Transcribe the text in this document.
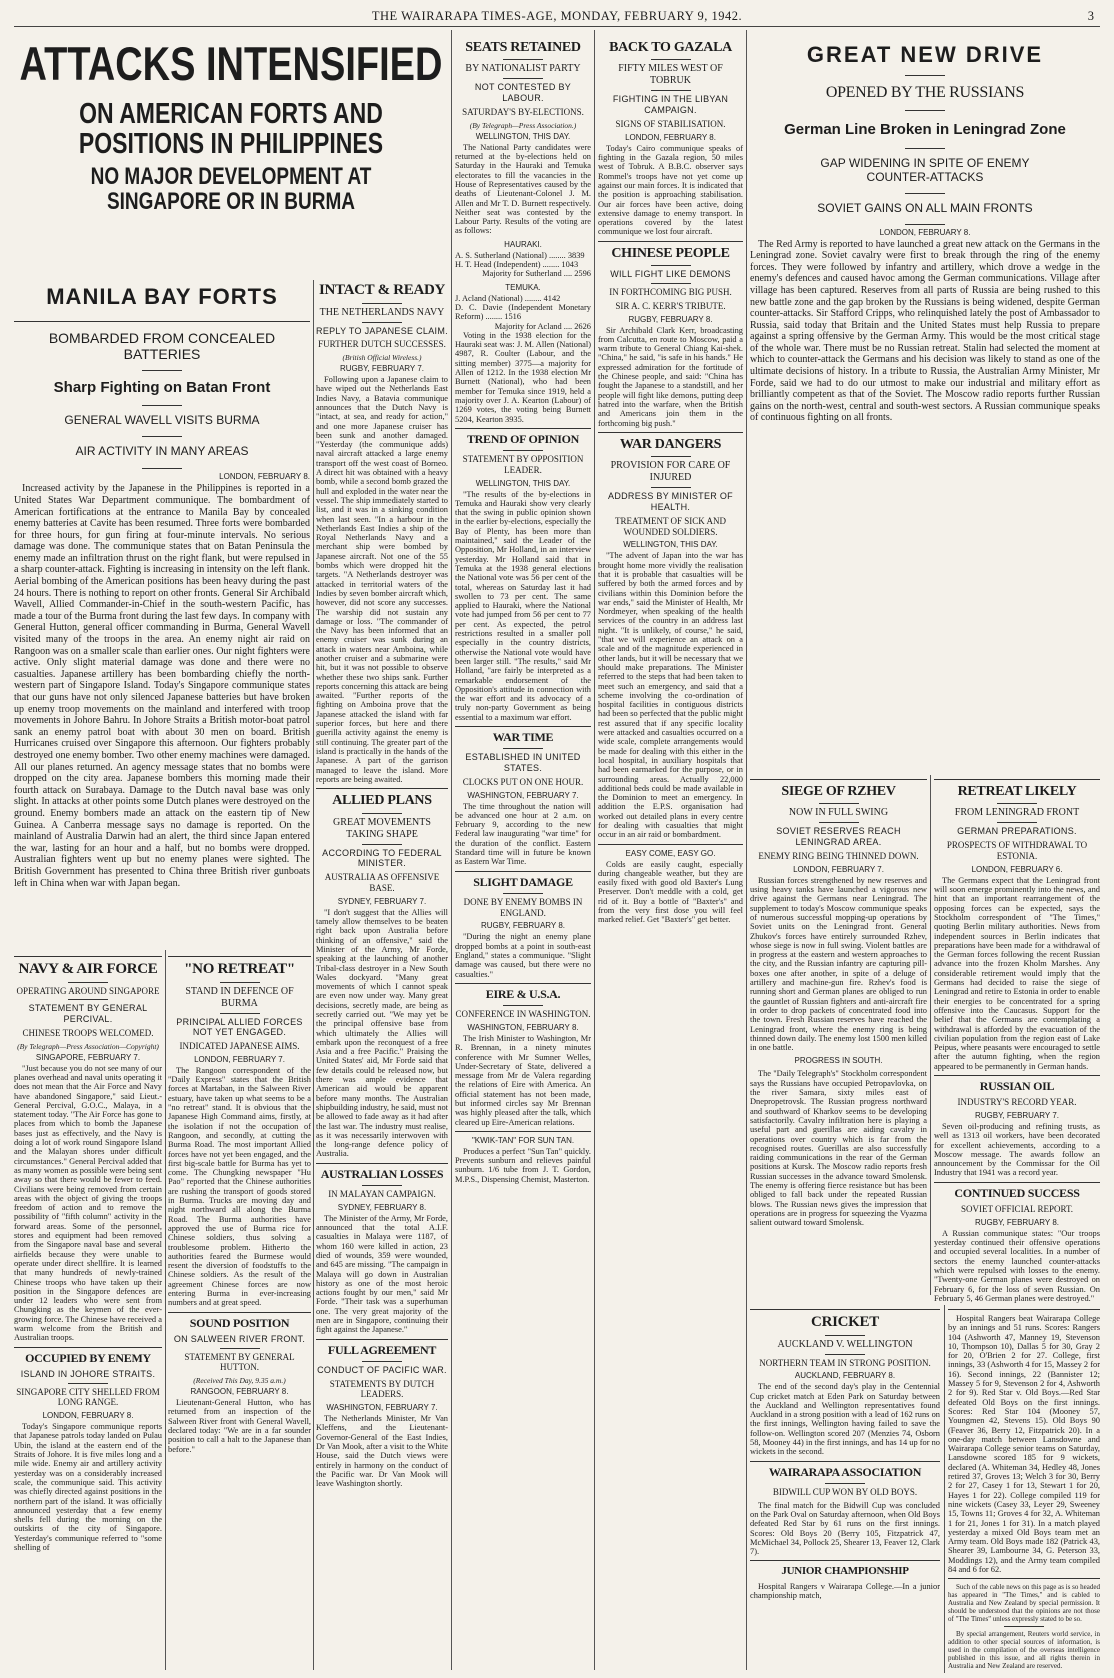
THE WAIRARAPA TIMES-AGE, MONDAY, FEBRUARY 9, 1942.	3
ATTACKS INTENSIFIED
ON AMERICAN FORTS AND POSITIONS IN PHILIPPINES
NO MAJOR DEVELOPMENT AT SINGAPORE OR IN BURMA
MANILA BAY FORTS
BOMBARDED FROM CONCEALED BATTERIES
Sharp Fighting on Batan Front
GENERAL WAVELL VISITS BURMA
AIR ACTIVITY IN MANY AREAS
LONDON, FEBRUARY 8.

Increased activity by the Japanese in the Philippines is reported in a United States War Department communique. The bombardment of American fortifications at the entrance to Manila Bay by concealed enemy batteries at Cavite has been resumed. Three forts were bombarded for three hours, for gun firing at four-minute intervals. No serious damage was done. The communique states that on Batan Peninsula the enemy made an infiltration thrust on the right flank, but were repulsed in a sharp counter-attack. Fighting is increasing in intensity on the left flank. Aerial bombing of the American positions has been heavy during the past 24 hours. There is nothing to report on other fronts. General Sir Archibald Wavell, Allied Commander-in-Chief in the south-western Pacific, has made a tour of the Burma front during the last few days. In company with General Hutton, general officer commanding in Burma, General Wavell visited many of the troops in the area. An enemy night air raid on Rangoon was on a smaller scale than earlier ones. Our night fighters were active. Only slight material damage was done and there were no casualties. Japanese artillery has been bombarding chiefly the north-western part of Singapore Island. Today's Singapore communique states that our guns have not only silenced Japanese batteries but have broken up enemy troop movements on the mainland and interfered with troop movements in Johore Bahru. In Johore Straits a British motor-boat patrol sank an enemy patrol boat with about 30 men on board. British Hurricanes cruised over Singapore this afternoon. Our fighters probably destroyed one enemy bomber. Two other enemy machines were damaged. All our planes returned. An agency message states that no bombs were dropped on the city area. Japanese bombers this morning made their fourth attack on Surabaya. Damage to the Dutch naval base was only slight. In attacks at other points some Dutch planes were destroyed on the ground. Enemy bombers made an attack on the eastern tip of New Guinea. A Canberra message says no damage is reported. On the mainland of Australia Darwin had an alert, the third since Japan entered the war, lasting for an hour and a half, but no bombs were dropped. Australian fighters went up but no enemy planes were sighted. The British Government has presented to China three British river gunboats left in China when war with Japan began.

NAVY & AIR FORCE
OPERATING AROUND SINGAPORE
STATEMENT BY GENERAL PERCIVAL.
CHINESE TROOPS WELCOMED.
(By Telegraph—Press Association—Copyright)
SINGAPORE, FEBRUARY 7.

"Just because you do not see many of our planes overhead and naval units operating it does not mean that the Air Force and Navy have abandoned Singapore," said Lieut.-General Percival, G.O.C., Malaya, in a statement today. "The Air Force has gone to places from which to bomb the Japanese bases just as effectively, and the Navy is doing a lot of work round Singapore Island and the Malayan shores under difficult circumstances." General Percival added that as many women as possible were being sent away so that there would be fewer to feed. Civilians were being removed from certain areas with the object of giving the troops freedom of action and to remove the possibility of "fifth column" activity in the forward areas. Some of the personnel, stores and equipment had been removed from the Singapore naval base and several airfields because they were unable to operate under direct shellfire. It is learned that many hundreds of newly-trained Chinese troops who have taken up their position in the Singapore defences are under 12 leaders who were sent from Chungking as the keymen of the ever-growing force. The Chinese have received a warm welcome from the British and Australian troops.

OCCUPIED BY ENEMY
ISLAND IN JOHORE STRAITS.
SINGAPORE CITY SHELLED FROM LONG RANGE.
LONDON, FEBRUARY 8.

Today's Singapore communique reports that Japanese patrols today landed on Pulau Ubin, the island at the eastern end of the Straits of Johore. It is five miles long and a mile wide. Enemy air and artillery activity yesterday was on a considerably increased scale, the communique said. This activity was chiefly directed against positions in the northern part of the island. It was officially announced yesterday that a few enemy shells fell during the morning on the outskirts of the city of Singapore. Yesterday's communique referred to "some shelling of

"NO RETREAT"
STAND IN DEFENCE OF BURMA
PRINCIPAL ALLIED FORCES NOT YET ENGAGED.
INDICATED JAPANESE AIMS.
LONDON, FEBRUARY 7.

The Rangoon correspondent of the "Daily Express" states that the British forces at Martaban, in the Salween River estuary, have taken up what seems to be a "no retreat" stand. It is obvious that the Japanese High Command aims, firstly, at the isolation if not the occupation of Rangoon, and secondly, at cutting the Burma Road. The most important Allied forces have not yet been engaged, and the first big-scale battle for Burma has yet to come. The Chungking newspaper "Hu Pao" reported that the Chinese authorities are rushing the transport of goods stored in Burma. Trucks are moving day and night northward all along the Burma Road. The Burma authorities have approved the use of Burma rice for Chinese soldiers, thus solving a troublesome problem. Hitherto the authorities feared the Burmese would resent the diversion of foodstuffs to the Chinese soldiers. As the result of the agreement Chinese forces are now entering Burma in ever-increasing numbers and at great speed.

SOUND POSITION
ON SALWEEN RIVER FRONT.
STATEMENT BY GENERAL HUTTON.
(Received This Day, 9.35 a.m.)
RANGOON, FEBRUARY 8.

Lieutenant-General Hutton, who has returned from an inspection of the Salween River front with General Wavell, declared today: "We are in a far sounder position to call a halt to the Japanese than before."

INTACT & READY
THE NETHERLANDS NAVY
REPLY TO JAPANESE CLAIM.
FURTHER DUTCH SUCCESSES.
(British Official Wireless.)
RUGBY, FEBRUARY 7.

Following upon a Japanese claim to have wiped out the Netherlands East Indies Navy, a Batavia communique announces that the Dutch Navy is "intact, at sea, and ready for action," and one more Japanese cruiser has been sunk and another damaged. "Yesterday (the communique adds) naval aircraft attacked a large enemy transport off the west coast of Borneo. A direct hit was obtained with a heavy bomb, while a second bomb grazed the hull and exploded in the water near the vessel. The ship immediately started to list, and it was in a sinking condition when last seen. "In a harbour in the Netherlands East Indies a ship of the Royal Netherlands Navy and a merchant ship were bombed by Japanese aircraft. Not one of the 55 bombs which were dropped hit the targets. "A Netherlands destroyer was attacked in territorial waters of the Indies by seven bomber aircraft which, however, did not score any successes. The warship did not sustain any damage or loss. "The commander of the Navy has been informed that an enemy cruiser was sunk during an attack in waters near Amboina, while another cruiser and a submarine were hit, but it was not possible to observe whether these two ships sank. Further reports concerning this attack are being awaited. "Further reports of the fighting on Amboina prove that the Japanese attacked the island with far superior forces, but here and there guerilla activity against the enemy is still continuing. The greater part of the island is practically in the hands of the Japanese. A part of the garrison managed to leave the island. More reports are being awaited.

ALLIED PLANS
GREAT MOVEMENTS TAKING SHAPE
ACCORDING TO FEDERAL MINISTER.
AUSTRALIA AS OFFENSIVE BASE.
SYDNEY, FEBRUARY 7.

"I don't suggest that the Allies will tamely allow themselves to be beaten right back upon Australia before thinking of an offensive," said the Minister of the Army, Mr Forde, speaking at the launching of another Tribal-class destroyer in a New South Wales dockyard. "Many great movements of which I cannot speak are even now under way. Many great decisions, secretly made, are being as secretly carried out. "We may yet be the principal offensive base from which ultimately the Allies will embark upon the reconquest of a free Asia and a free Pacific." Praising the United States' aid, Mr Forde said that few details could be released now, but there was ample evidence that American aid would be apparent before many months. The Australian shipbuilding industry, he said, must not be allowed to fade away as it had after the last war. The industry must realise, as it was necessarily interwoven with the long-range defence policy of Australia.

AUSTRALIAN LOSSES
IN MALAYAN CAMPAIGN.
SYDNEY, FEBRUARY 8.

The Minister of the Army, Mr Forde, announced that the total A.I.F. casualties in Malaya were 1187, of whom 160 were killed in action, 23 died of wounds, 359 were wounded, and 645 are missing. "The campaign in Malaya will go down in Australian history as one of the most heroic actions fought by our men," said Mr Forde. "Their task was a superhuman one. The very great majority of the men are in Singapore, continuing their fight against the Japanese."

FULL AGREEMENT
CONDUCT OF PACIFIC WAR.
STATEMENTS BY DUTCH LEADERS.
WASHINGTON, FEBRUARY 7.

The Netherlands Minister, Mr Van Kleffens, and the Lieutenant-Governor-General of the East Indies, Dr Van Mook, after a visit to the White House, said the Dutch views were entirely in harmony on the conduct of the Pacific war. Dr Van Mook will leave Washington shortly.

SEATS RETAINED
BY NATIONALIST PARTY
NOT CONTESTED BY LABOUR.
SATURDAY'S BY-ELECTIONS.
(By Telegraph—Press Association.)
WELLINGTON, THIS DAY.

The National Party candidates were returned at the by-elections held on Saturday in the Hauraki and Temuka electorates to fill the vacancies in the House of Representatives caused by the deaths of Lieutenant-Colonel J. M. Allen and Mr T. D. Burnett respectively. Neither seat was contested by the Labour Party. Results of the voting are as follows:

HAURAKI.

A. S. Sutherland (National) ........ 3839

H. T. Head (Independent) ........ 1043

Majority for Sutherland .... 2596

TEMUKA.

J. Acland (National) ........ 4142

D. C. Davie (Independent Monetary Reform) ........ 1516

Majority for Acland .... 2626

Voting in the 1938 election for the Hauraki seat was: J. M. Allen (National) 4987, R. Coulter (Labour, and the sitting member) 3775—a majority for Allen of 1212. In the 1938 election Mr Burnett (National), who had been member for Temuka since 1919, held a majority over J. A. Kearton (Labour) of 1269 votes, the voting being Burnett 5204, Kearton 3935.

TREND OF OPINION
STATEMENT BY OPPOSITION LEADER.
WELLINGTON, THIS DAY.

"The results of the by-elections in Temuka and Hauraki show very clearly that the swing in public opinion shown in the earlier by-elections, especially the Bay of Plenty, has been more than maintained," said the Leader of the Opposition, Mr Holland, in an interview yesterday. Mr Holland said that in Temuka at the 1938 general elections the National vote was 56 per cent of the total, whereas on Saturday last it had swollen to 73 per cent. The same applied to Hauraki, where the National vote had jumped from 56 per cent to 77 per cent. As expected, the petrol restrictions resulted in a smaller poll especially in the country districts, otherwise the National vote would have been larger still. "The results," said Mr Holland, "are fairly be interpreted as a remarkable endorsement of the Opposition's attitude in connection with the war effort and its advocacy of a truly non-party Government as being essential to a maximum war effort.

WAR TIME
ESTABLISHED IN UNITED STATES.
CLOCKS PUT ON ONE HOUR.
WASHINGTON, FEBRUARY 7.

The time throughout the nation will be advanced one hour at 2 a.m. on February 9, according to the new Federal law inaugurating "war time" for the duration of the conflict. Eastern Standard time will in future be known as Eastern War Time.

SLIGHT DAMAGE
DONE BY ENEMY BOMBS IN ENGLAND.
RUGBY, FEBRUARY 8.

"During the night an enemy plane dropped bombs at a point in south-east England," states a communique. "Slight damage was caused, but there were no casualties."

EIRE & U.S.A.
CONFERENCE IN WASHINGTON.
WASHINGTON, FEBRUARY 8.

The Irish Minister to Washington, Mr R. Brennan, in a ninety minutes conference with Mr Sumner Welles, Under-Secretary of State, delivered a message from Mr de Valera regarding the relations of Eire with America. An official statement has not been made, but informed circles say Mr Brennan was highly pleased after the talk, which cleared up Eire-American relations.

"KWIK-TAN" FOR SUN TAN.

Produces a perfect "Sun Tan" quickly. Prevents sunburn and relieves painful sunburn. 1/6 tube from J. T. Gordon, M.P.S., Dispensing Chemist, Masterton.

BACK TO GAZALA
FIFTY MILES WEST OF TOBRUK
FIGHTING IN THE LIBYAN CAMPAIGN.
SIGNS OF STABILISATION.
LONDON, FEBRUARY 8.

Today's Cairo communique speaks of fighting in the Gazala region, 50 miles west of Tobruk. A B.B.C. observer says Rommel's troops have not yet come up against our main forces. It is indicated that the position is approaching stabilisation. Our air forces have been active, doing extensive damage to enemy transport. In operations covered by the latest communique we lost four aircraft.

CHINESE PEOPLE
WILL FIGHT LIKE DEMONS
IN FORTHCOMING BIG PUSH.
SIR A. C. KERR'S TRIBUTE.
RUGBY, FEBRUARY 8.

Sir Archibald Clark Kerr, broadcasting from Calcutta, en route to Moscow, paid a warm tribute to General Chiang Kai-shek. "China," he said, "is safe in his hands." He expressed admiration for the fortitude of the Chinese people, and said: "China has fought the Japanese to a standstill, and her people will fight like demons, putting deep hatred into the warfare, when the British and Americans join them in the forthcoming big push."

WAR DANGERS
PROVISION FOR CARE OF INJURED
ADDRESS BY MINISTER OF HEALTH.
TREATMENT OF SICK AND WOUNDED SOLDIERS.
WELLINGTON, THIS DAY.

"The advent of Japan into the war has brought home more vividly the realisation that it is probable that casualties will be suffered by both the armed forces and by civilians within this Dominion before the war ends," said the Minister of Health, Mr Nordmeyer, when speaking of the health services of the country in an address last night. "It is unlikely, of course," he said, "that we will experience an attack on a scale and of the magnitude experienced in other lands, but it will be necessary that we should make preparations. The Minister referred to the steps that had been taken to meet such an emergency, and said that a scheme involving the co-ordination of hospital facilities in contiguous districts had been so perfected that the public might rest assured that if any specific locality were attacked and casualties occurred on a wide scale, complete arrangements would be made for dealing with this either in the local hospital, in auxiliary hospitals that had been earmarked for the purpose, or in surrounding areas. Actually 22,000 additional beds could be made available in the Dominion to meet an emergency. In addition the E.P.S. organisation had worked out detailed plans in every centre for dealing with casualties that might occur in an air raid or bombardment.

EASY COME, EASY GO.

Colds are easily caught, especially during changeable weather, but they are easily fixed with good old Baxter's Lung Preserver. Don't meddle with a cold, get rid of it. Buy a bottle of "Baxter's" and from the very first dose you will feel marked relief. Get "Baxter's" get better.

GREAT NEW DRIVE
OPENED BY THE RUSSIANS
German Line Broken in Leningrad Zone
GAP WIDENING IN SPITE OF ENEMY COUNTER-ATTACKS
SOVIET GAINS ON ALL MAIN FRONTS
LONDON, FEBRUARY 8.

The Red Army is reported to have launched a great new attack on the Germans in the Leningrad zone. Soviet cavalry were first to break through the ring of the enemy forces. They were followed by infantry and artillery, which drove a wedge in the enemy's defences and caused havoc among the German communications. Village after village has been captured. Reserves from all parts of Russia are being rushed to this new battle zone and the gap broken by the Russians is being widened, despite German counter-attacks. Sir Stafford Cripps, who relinquished lately the post of Ambassador to Russia, said today that Britain and the United States must help Russia to prepare against a spring offensive by the German Army. This would be the most critical stage of the whole war. There must be no Russian retreat. Stalin had selected the moment at which to counter-attack the Germans and his decision was likely to stand as one of the ultimate decisions of history. In a tribute to Russia, the Australian Army Minister, Mr Forde, said we had to do our utmost to make our industrial and military effort as brilliantly competent as that of the Soviet. The Moscow radio reports further Russian gains on the north-west, central and south-west sectors. A Russian communique speaks of continuous fighting on all fronts.

SIEGE OF RZHEV
NOW IN FULL SWING
SOVIET RESERVES REACH LENINGRAD AREA.
ENEMY RING BEING THINNED DOWN.
LONDON, FEBRUARY 7.

Russian forces strengthened by new reserves and using heavy tanks have launched a vigorous new drive against the Germans near Leningrad. The supplement to today's Moscow communique speaks of numerous successful mopping-up operations by Soviet units on the Leningrad front. General Zhukov's forces have entirely surrounded Rzhev, whose siege is now in full swing. Violent battles are in progress at the eastern and western approaches to the city, and the Russian infantry are capturing pill-boxes one after another, in spite of a deluge of artillery and machine-gun fire. Rzhev's food is running short and German planes are obliged to run the gauntlet of Russian fighters and anti-aircraft fire in order to drop packets of concentrated food into the town. Fresh Russian reserves have reached the Leningrad front, where the enemy ring is being thinned down daily. The enemy lost 1500 men killed in one battle.

PROGRESS IN SOUTH.

The "Daily Telegraph's" Stockholm correspondent says the Russians have occupied Petropavlovka, on the river Samara, sixty miles east of Dnepropetrovsk. The Russian progress northward and southward of Kharkov seems to be developing satisfactorily. Cavalry infiltration here is playing a useful part and guerillas are aiding cavalry in operations over country which is far from the recognised routes. Guerillas are also successfully raiding communications in the rear of the German positions at Kursk. The Moscow radio reports fresh Russian successes in the advance toward Smolensk. The enemy is offering fierce resistance but has been obliged to fall back under the repeated Russian blows. The Russian news gives the impression that operations are in progress for squeezing the Vyazma salient outward toward Smolensk.

RETREAT LIKELY
FROM LENINGRAD FRONT
GERMAN PREPARATIONS.
PROSPECTS OF WITHDRAWAL TO ESTONIA.
LONDON, FEBRUARY 6.

The Germans expect that the Leningrad front will soon emerge prominently into the news, and hint that an important rearrangement of the opposing forces can be expected, says the Stockholm correspondent of "The Times," quoting Berlin military authorities. News from independent sources in Berlin indicates that preparations have been made for a withdrawal of the German forces following the recent Russian advance into the frozen Kholm Marshes. Any considerable retirement would imply that the Germans had decided to raise the siege of Leningrad and retire to Estonia in order to enable their energies to be concentrated for a spring offensive into the Caucasus. Support for the belief that the Germans are contemplating a withdrawal is afforded by the evacuation of the civilian population from the region east of Lake Peipus, where peasants were encouraged to settle after the autumn fighting, when the region appeared to be permanently in German hands.

RUSSIAN OIL
INDUSTRY'S RECORD YEAR.
RUGBY, FEBRUARY 7.

Seven oil-producing and refining trusts, as well as 1313 oil workers, have been decorated for excellent achievements, according to a Moscow message. The awards follow an announcement by the Commissar for the Oil Industry that 1941 was a record year.

CONTINUED SUCCESS
SOVIET OFFICIAL REPORT.
RUGBY, FEBRUARY 8.

A Russian communique states: "Our troops yesterday continued their offensive operations and occupied several localities. In a number of sectors the enemy launched counter-attacks which were repulsed with losses to the enemy. "Twenty-one German planes were destroyed on February 6, for the loss of seven Russian. On February 5, 46 German planes were destroyed."

CRICKET
AUCKLAND V. WELLINGTON
NORTHERN TEAM IN STRONG POSITION.
AUCKLAND, FEBRUARY 8.

The end of the second day's play in the Centennial Cup cricket match at Eden Park on Saturday between the Auckland and Wellington representatives found Auckland in a strong position with a lead of 162 runs on the first innings, Wellington having failed to save the follow-on. Wellington scored 207 (Menzies 74, Osborn 58, Mooney 44) in the first innings, and has 14 up for no wickets in the second.

WAIRARAPA ASSOCIATION
BIDWILL CUP WON BY OLD BOYS.

The final match for the Bidwill Cup was concluded on the Park Oval on Saturday afternoon, when Old Boys defeated Red Star by 61 runs on the first innings. Scores: Old Boys 20 (Berry 105, Fitzpatrick 47, McMichael 34, Pollock 25, Shearer 13, Feaver 12, Clark 7).

JUNIOR CHAMPIONSHIP

Hospital Rangers v Wairarapa College.—In a junior championship match,

Hospital Rangers beat Wairarapa College by an innings and 51 runs. Scores: Rangers 104 (Ashworth 47, Manney 19, Stevenson 10, Thompson 10), Dallas 5 for 30, Gray 2 for 20, O'Brien 2 for 27. College, first innings, 33 (Ashworth 4 for 15, Massey 2 for 16). Second innings, 22 (Bannister 12; Massey 5 for 9, Stevenson 2 for 4, Ashworth 2 for 9). Red Star v. Old Boys.—Red Star defeated Old Boys on the first innings. Scores: Red Star 104 (Mooney 57, Youngmen 42, Stevens 15). Old Boys 90 (Feaver 36, Berry 12, Fitzpatrick 20). In a one-day match between Lansdowne and Wairarapa College senior teams on Saturday, Lansdowne scored 185 for 9 wickets, declared (A. Whiteman 34, Hedley 48, Jones retired 37, Groves 13; Welch 3 for 30, Berry 2 for 27, Casey 1 for 13, Stewart 1 for 20, Hayes 1 for 22). College compiled 119 for nine wickets (Casey 33, Leyer 29, Sweeney 15, Towns 11; Groves 4 for 32, A. Whiteman 1 for 21, Jones 1 for 31). In a match played yesterday a mixed Old Boys team met an Army team. Old Boys made 182 (Patrick 43, Shearer 39, Lambourne 34, G. Peterson 33, Moddings 12), and the Army team compiled 84 and 6 for 62.

Such of the cable news on this page as is so headed has appeared in "The Times," and is cabled to Australia and New Zealand by special permission. It should be understood that the opinions are not those of "The Times" unless expressly stated to be so.

By special arrangement, Reuters world service, in addition to other special sources of information, is used in the compilation of the overseas intelligence published in this issue, and all rights therein in Australia and New Zealand are reserved.
